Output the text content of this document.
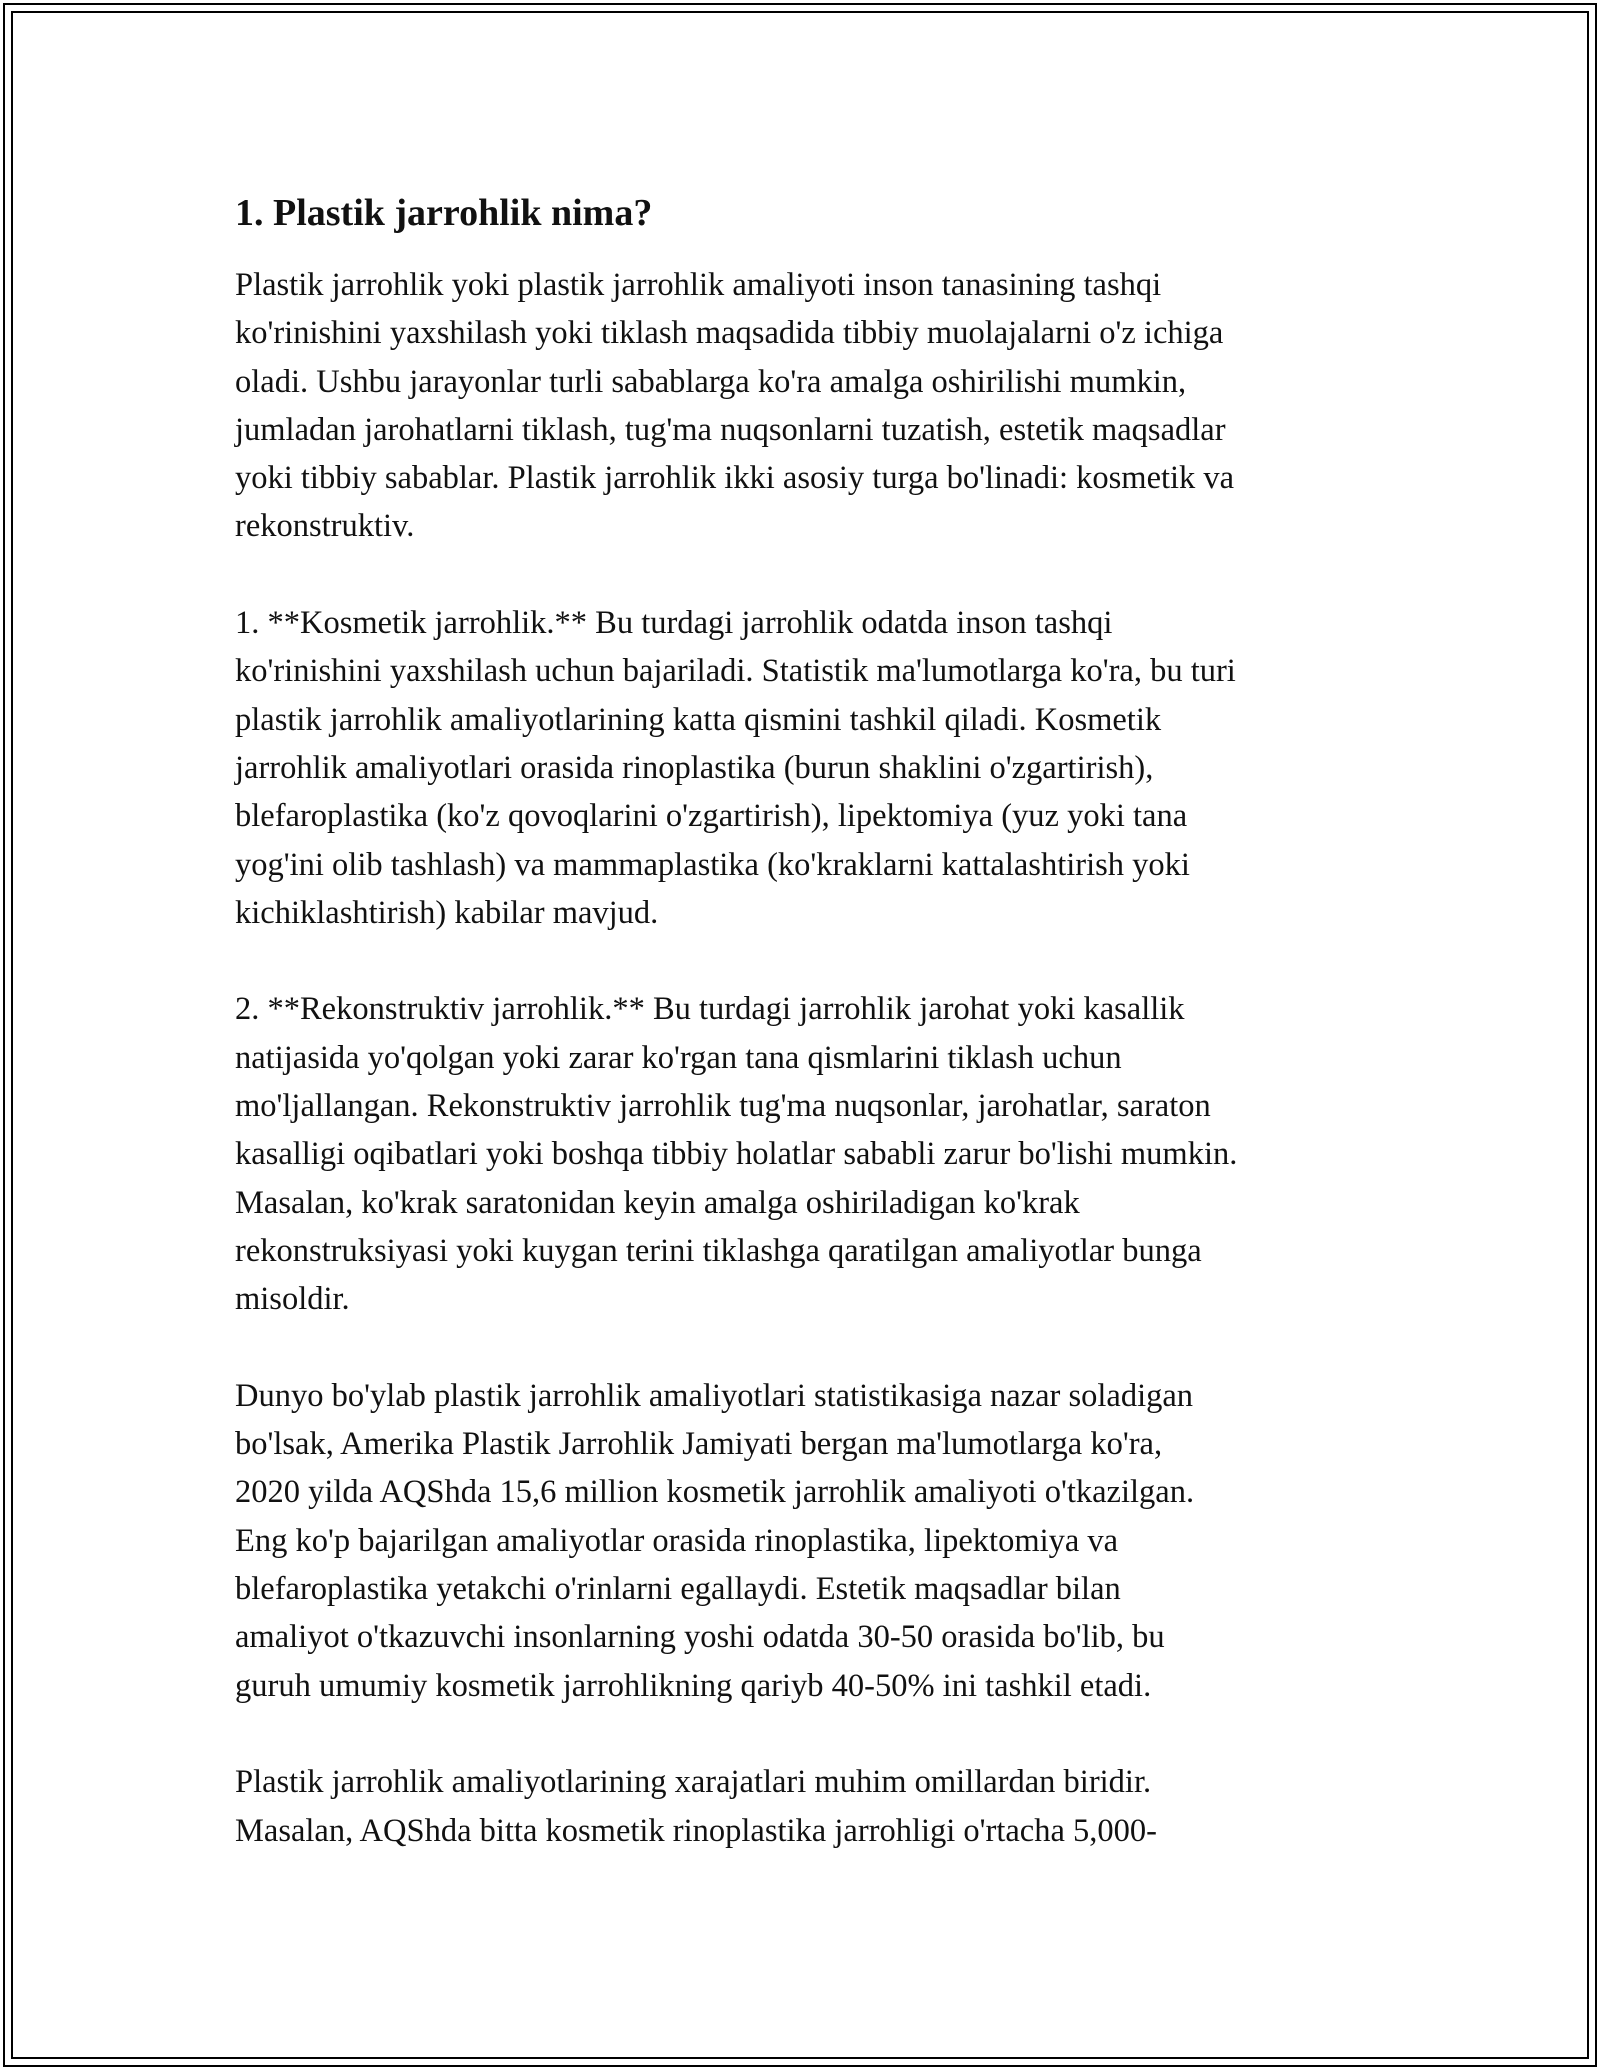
1. Plastik jarrohlik nima?
Plastik jarrohlik yoki plastik jarrohlik amaliyoti inson tanasining tashqi
ko'rinishini yaxshilash yoki tiklash maqsadida tibbiy muolajalarni o'z ichiga
oladi. Ushbu jarayonlar turli sabablarga ko'ra amalga oshirilishi mumkin,
jumladan jarohatlarni tiklash, tug'ma nuqsonlarni tuzatish, estetik maqsadlar
yoki tibbiy sabablar. Plastik jarrohlik ikki asosiy turga bo'linadi: kosmetik va
rekonstruktiv.
1. **Kosmetik jarrohlik.** Bu turdagi jarrohlik odatda inson tashqi
ko'rinishini yaxshilash uchun bajariladi. Statistik ma'lumotlarga ko'ra, bu turi
plastik jarrohlik amaliyotlarining katta qismini tashkil qiladi. Kosmetik
jarrohlik amaliyotlari orasida rinoplastika (burun shaklini o'zgartirish),
blefaroplastika (ko'z qovoqlarini o'zgartirish), lipektomiya (yuz yoki tana
yog'ini olib tashlash) va mammaplastika (ko'kraklarni kattalashtirish yoki
kichiklashtirish) kabilar mavjud.
2. **Rekonstruktiv jarrohlik.** Bu turdagi jarrohlik jarohat yoki kasallik
natijasida yo'qolgan yoki zarar ko'rgan tana qismlarini tiklash uchun
mo'ljallangan. Rekonstruktiv jarrohlik tug'ma nuqsonlar, jarohatlar, saraton
kasalligi oqibatlari yoki boshqa tibbiy holatlar sababli zarur bo'lishi mumkin.
Masalan, ko'krak saratonidan keyin amalga oshiriladigan ko'krak
rekonstruksiyasi yoki kuygan terini tiklashga qaratilgan amaliyotlar bunga
misoldir.
Dunyo bo'ylab plastik jarrohlik amaliyotlari statistikasiga nazar soladigan
bo'lsak, Amerika Plastik Jarrohlik Jamiyati bergan ma'lumotlarga ko'ra,
2020 yilda AQShda 15,6 million kosmetik jarrohlik amaliyoti o'tkazilgan.
Eng ko'p bajarilgan amaliyotlar orasida rinoplastika, lipektomiya va
blefaroplastika yetakchi o'rinlarni egallaydi. Estetik maqsadlar bilan
amaliyot o'tkazuvchi insonlarning yoshi odatda 30-50 orasida bo'lib, bu
guruh umumiy kosmetik jarrohlikning qariyb 40-50% ini tashkil etadi.
Plastik jarrohlik amaliyotlarining xarajatlari muhim omillardan biridir.
Masalan, AQShda bitta kosmetik rinoplastika jarrohligi o'rtacha 5,000-
